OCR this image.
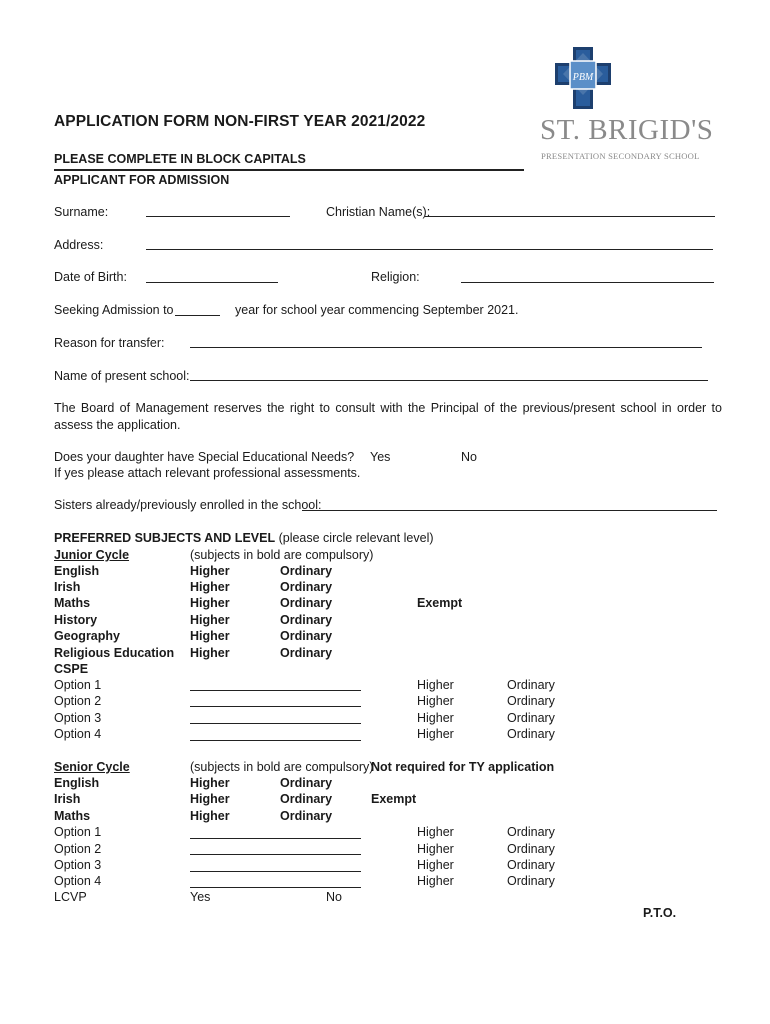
PBM
ST. BRIGID'S
PRESENTATION SECONDARY SCHOOL
APPLICATION FORM NON-FIRST YEAR 2021/2022
PLEASE COMPLETE IN BLOCK CAPITALS
APPLICANT FOR ADMISSION
Surname:	Christian Name(s):
Address:
Date of Birth:	Religion:
Seeking Admission to	year for school year commencing September 2021.
Reason for transfer:
Name of present school:
The Board of Management reserves the right to consult with the Principal of the previous/present school in order to assess the application.
Does your daughter have Special Educational Needs? Yes	No
If yes please attach relevant professional assessments.
Sisters already/previously enrolled in the school:
PREFERRED SUBJECTS AND LEVEL (please circle relevant level)
Junior Cycle	(subjects in bold are compulsory)
English	Higher	Ordinary
Irish	Higher	Ordinary
Maths	Higher	Ordinary	Exempt
History	Higher	Ordinary
Geography	Higher	Ordinary
Religious Education Higher	Ordinary
CSPE
Option 1	Higher	Ordinary
Option 2	Higher	Ordinary
Option 3	Higher	Ordinary
Option 4	Higher	Ordinary
Senior Cycle	(subjects in bold are compulsory)
Not required for TY application
English	Higher	Ordinary
Irish	Higher	Ordinary	Exempt
Maths	Higher	Ordinary
Option 1	Higher	Ordinary
Option 2	Higher	Ordinary
Option 3	Higher	Ordinary
Option 4	Higher	Ordinary
LCVP	Yes	No
P.T.O.
